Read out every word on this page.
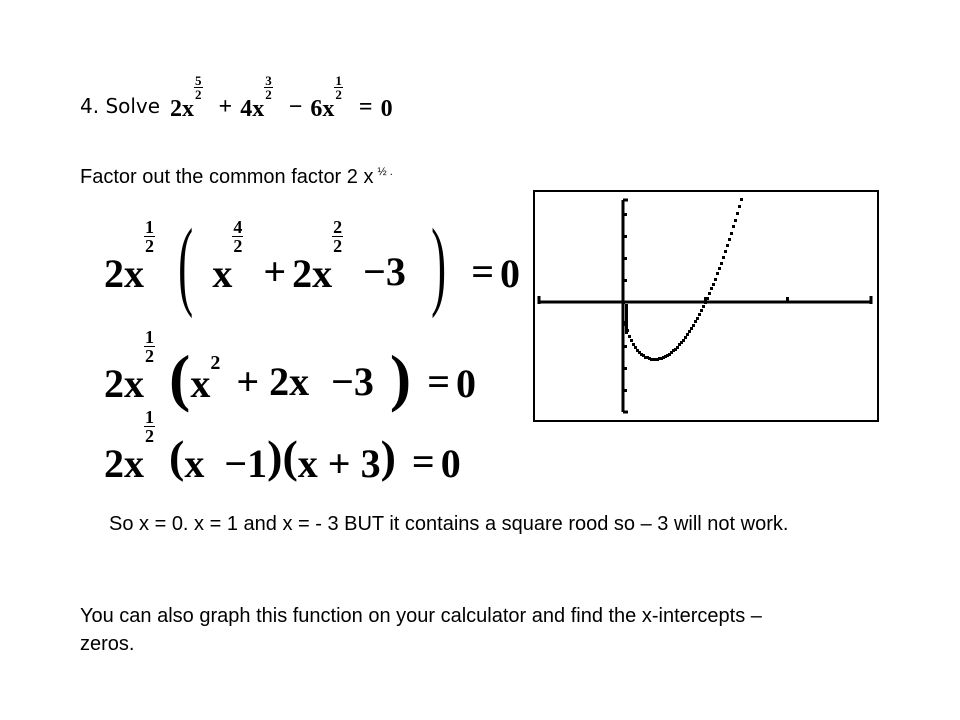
4. Solve 2x
$\frac{5}{2}$
+ 4x
$\frac{3}{2}$
− 6x
$\frac{1}{2}$
= 0
Factor out the common factor 2 x $^{\frac{1}{2} .}$
2x
$\frac{1}{2}$ ( x
$\frac{4}{2}$
+ 2x
$\frac{2}{2}$
−3 ) = 0
2x
$\frac{1}{2} (x2 + 2x -3$ ) = 0
2x
$\frac{1}{2}$
(x  −1)(x + 3) = 0
So x = 0. x = 1 and x = - 3 BUT it contains a square rood so – 3 will not work.
You can also graph this function on your calculator and find the x-intercepts – zeros.
